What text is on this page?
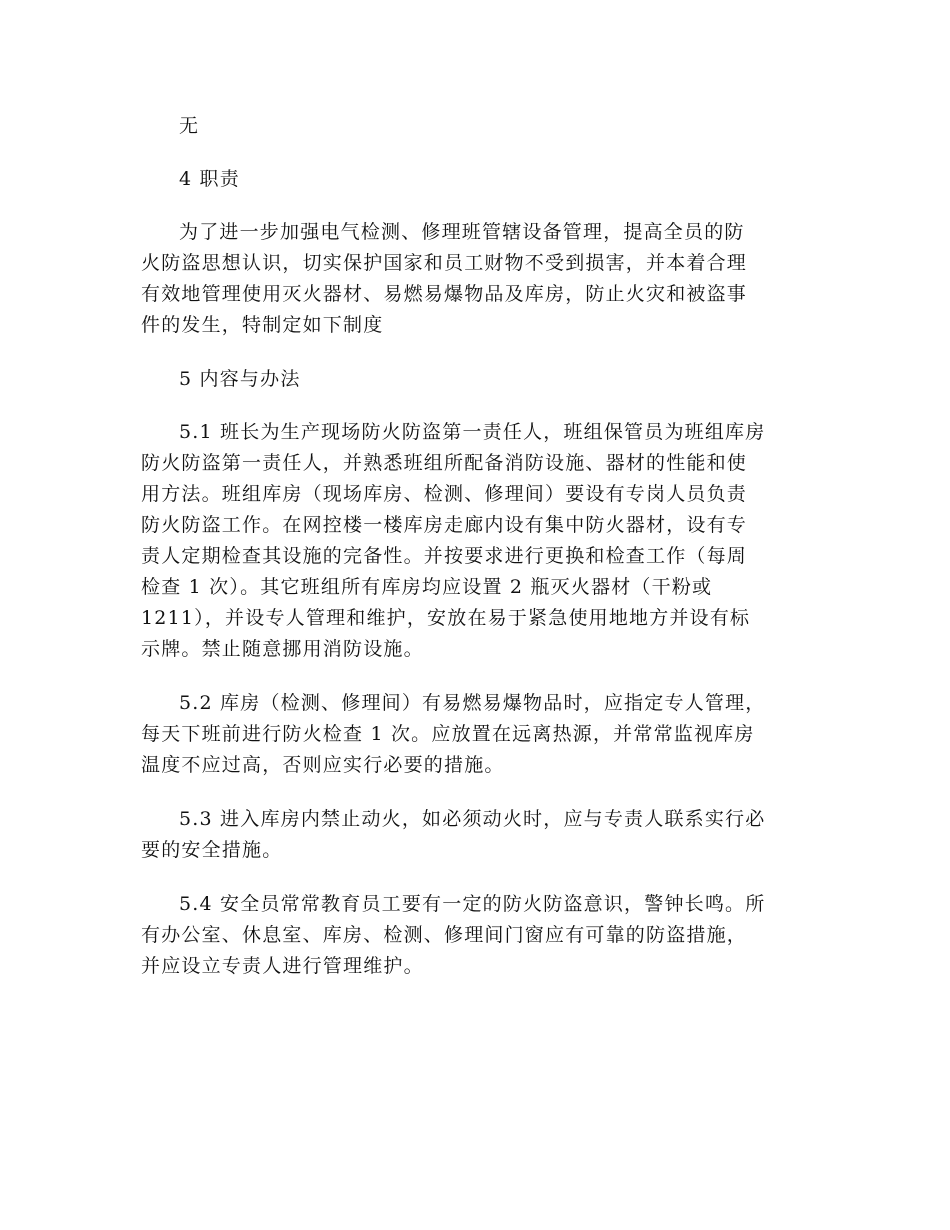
无

4 职责

为了进一步加强电气检测、修理班管辖设备管理，提高全员的防
火防盗思想认识，切实保护国家和员工财物不受到损害，并本着合理
有效地管理使用灭火器材、易燃易爆物品及库房，防止火灾和被盗事
件的发生，特制定如下制度

5 内容与办法

5.1 班长为生产现场防火防盗第一责任人，班组保管员为班组库房
防火防盗第一责任人，并熟悉班组所配备消防设施、器材的性能和使
用方法。班组库房（现场库房、检测、修理间）要设有专岗人员负责
防火防盗工作。在网控楼一楼库房走廊内设有集中防火器材，设有专
责人定期检查其设施的完备性。并按要求进行更换和检查工作（每周
检查 1 次）。其它班组所有库房均应设置 2 瓶灭火器材（干粉或
1211），并设专人管理和维护，安放在易于紧急使用地地方并设有标
示牌。禁止随意挪用消防设施。

5.2 库房（检测、修理间）有易燃易爆物品时，应指定专人管理，
每天下班前进行防火检查 1 次。应放置在远离热源，并常常监视库房
温度不应过高，否则应实行必要的措施。

5.3 进入库房内禁止动火，如必须动火时，应与专责人联系实行必
要的安全措施。

5.4 安全员常常教育员工要有一定的防火防盗意识，警钟长鸣。所
有办公室、休息室、库房、检测、修理间门窗应有可靠的防盗措施，
并应设立专责人进行管理维护。
